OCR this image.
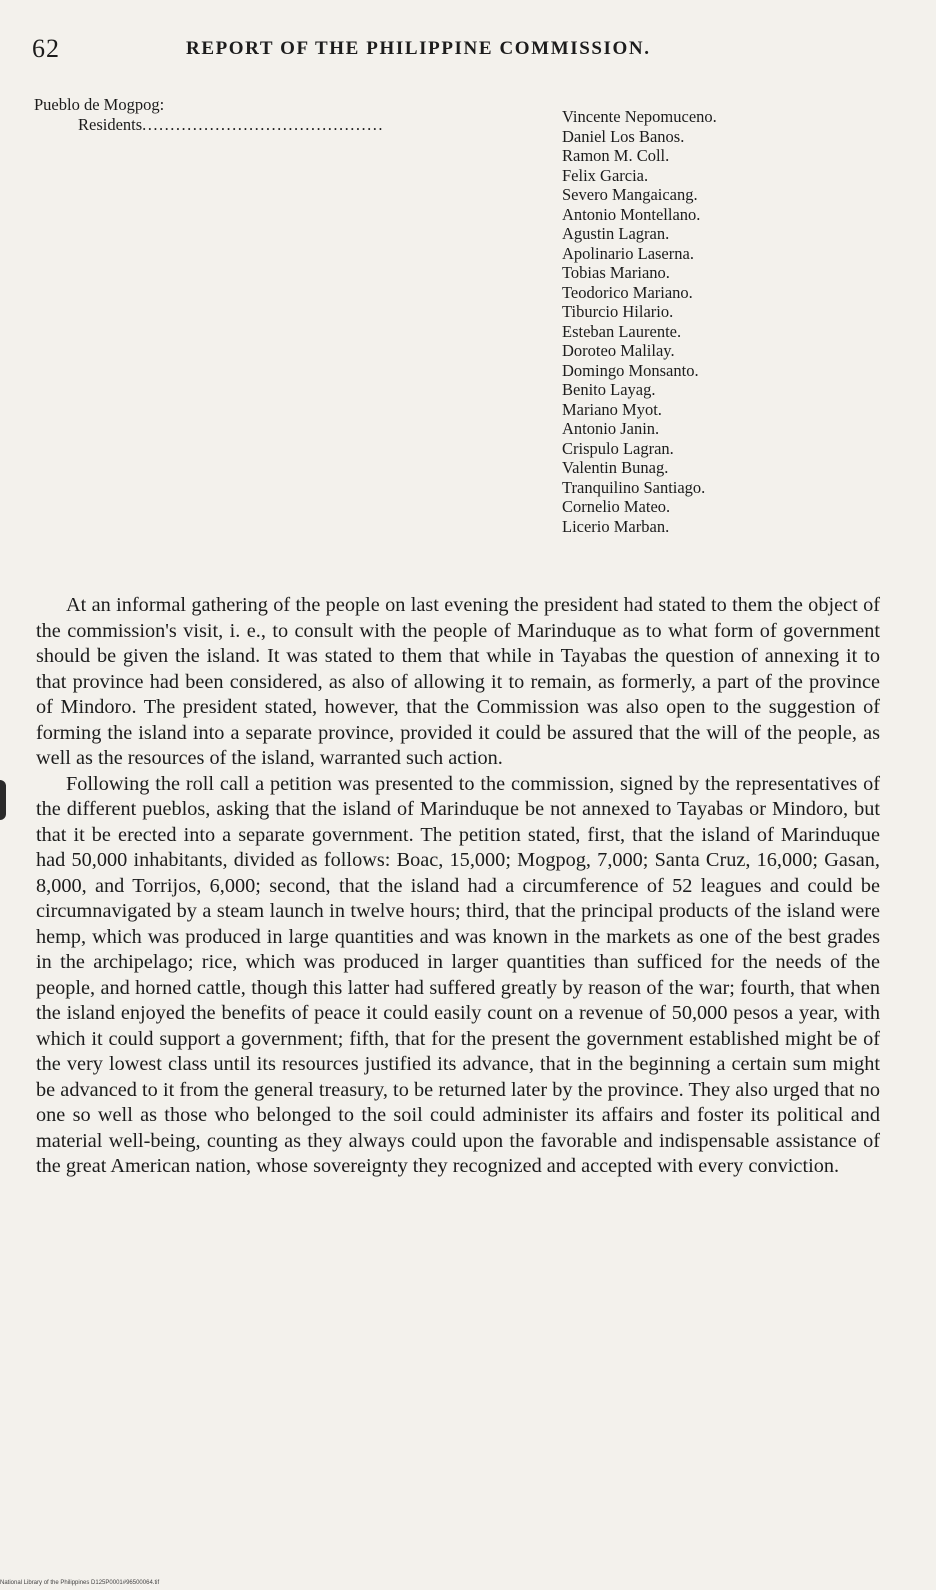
62	REPORT OF THE PHILIPPINE COMMISSION.
Pueblo de Mogpog:
Residents...........................................	Vincente Nepomuceno.
Daniel Los Banos.
Ramon M. Coll.
Felix Garcia.
Severo Mangaicang.
Antonio Montellano.
Agustin Lagran.
Apolinario Laserna.
Tobias Mariano.
Teodorico Mariano.
Tiburcio Hilario.
Esteban Laurente.
Doroteo Malilay.
Domingo Monsanto.
Benito Layag.
Mariano Myot.
Antonio Janin.
Crispulo Lagran.
Valentin Bunag.
Tranquilino Santiago.
Cornelio Mateo.
Licerio Marban.

At an informal gathering of the people on last evening the president had stated to them the object of the commission's visit, i. e., to consult with the people of Marinduque as to what form of government should be given the island. It was stated to them that while in Tayabas the question of annexing it to that province had been considered, as also of allowing it to remain, as formerly, a part of the province of Mindoro. The president stated, however, that the Commission was also open to the suggestion of forming the island into a separate province, provided it could be assured that the will of the people, as well as the resources of the island, warranted such action.

Following the roll call a petition was presented to the commission, signed by the representatives of the different pueblos, asking that the island of Marinduque be not annexed to Tayabas or Mindoro, but that it be erected into a separate government. The petition stated, first, that the island of Marinduque had 50,000 inhabitants, divided as follows: Boac, 15,000; Mogpog, 7,000; Santa Cruz, 16,000; Gasan, 8,000, and Torrijos, 6,000; second, that the island had a circumference of 52 leagues and could be circumnavigated by a steam launch in twelve hours; third, that the principal products of the island were hemp, which was produced in large quantities and was known in the markets as one of the best grades in the archipelago; rice, which was produced in larger quantities than sufficed for the needs of the people, and horned cattle, though this latter had suffered greatly by reason of the war; fourth, that when the island enjoyed the benefits of peace it could easily count on a revenue of 50,000 pesos a year, with which it could support a government; fifth, that for the present the government established might be of the very lowest class until its resources justified its advance, that in the beginning a certain sum might be advanced to it from the general treasury, to be returned later by the province. They also urged that no one so well as those who belonged to the soil could administer its affairs and foster its political and material well-being, counting as they always could upon the favorable and indispensable assistance of the great American nation, whose sovereignty they recognized and accepted with every conviction.

National Library of the Philippines D125P0001#96500064.tif
